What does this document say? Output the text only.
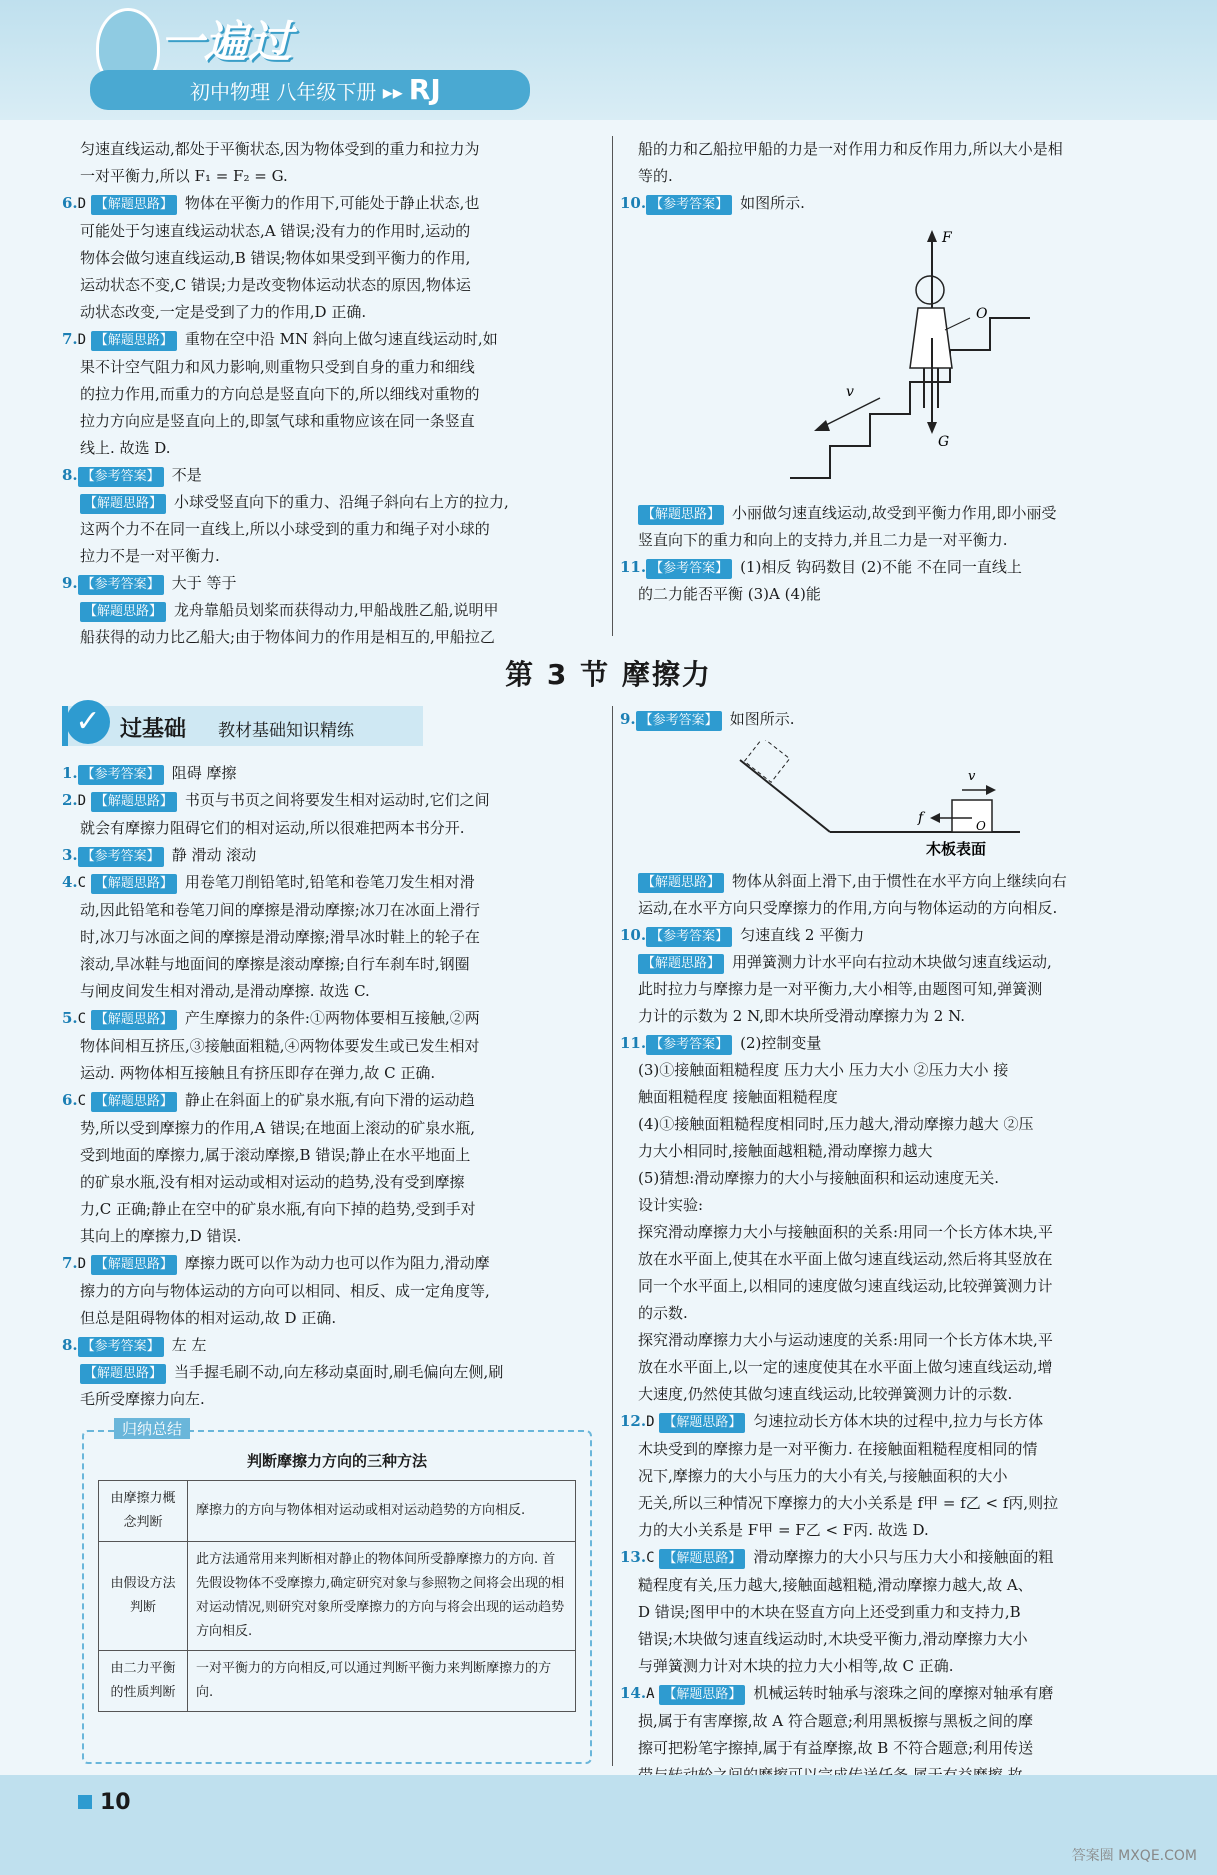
一遍过
初中物理 八年级下册 ▸▸ RJ

匀速直线运动,都处于平衡状态,因为物体受到的重力和拉力为

一对平衡力,所以 F₁ = F₂ = G.

6.D 【解题思路】 物体在平衡力的作用下,可能处于静止状态,也

可能处于匀速直线运动状态,A 错误;没有力的作用时,运动的

物体会做匀速直线运动,B 错误;物体如果受到平衡力的作用,

运动状态不变,C 错误;力是改变物体运动状态的原因,物体运

动状态改变,一定是受到了力的作用,D 正确.

7.D 【解题思路】 重物在空中沿 MN 斜向上做匀速直线运动时,如

果不计空气阻力和风力影响,则重物只受到自身的重力和细线

的拉力作用,而重力的方向总是竖直向下的,所以细线对重物的

拉力方向应是竖直向上的,即氢气球和重物应该在同一条竖直

线上. 故选 D.

8. 【参考答案】 不是

【解题思路】 小球受竖直向下的重力、沿绳子斜向右上方的拉力,

这两个力不在同一直线上,所以小球受到的重力和绳子对小球的

拉力不是一对平衡力.

9. 【参考答案】 大于 等于

【解题思路】 龙舟靠船员划桨而获得动力,甲船战胜乙船,说明甲

船获得的动力比乙船大;由于物体间力的作用是相互的,甲船拉乙

船的力和乙船拉甲船的力是一对作用力和反作用力,所以大小是相

等的.

10. 【参考答案】 如图所示.

F
O
v
G

【解题思路】 小丽做匀速直线运动,故受到平衡力作用,即小丽受

竖直向下的重力和向上的支持力,并且二力是一对平衡力.

11. 【参考答案】 (1)相反 钩码数目 (2)不能 不在同一直线上

的二力能否平衡 (3)A (4)能

第 3 节 摩擦力
✓ 过基础 教材基础知识精练

1. 【参考答案】 阻碍 摩擦

2.D 【解题思路】 书页与书页之间将要发生相对运动时,它们之间

就会有摩擦力阻碍它们的相对运动,所以很难把两本书分开.

3. 【参考答案】 静 滑动 滚动

4.C 【解题思路】 用卷笔刀削铅笔时,铅笔和卷笔刀发生相对滑

动,因此铅笔和卷笔刀间的摩擦是滑动摩擦;冰刀在冰面上滑行

时,冰刀与冰面之间的摩擦是滑动摩擦;滑旱冰时鞋上的轮子在

滚动,旱冰鞋与地面间的摩擦是滚动摩擦;自行车刹车时,钢圈

与闸皮间发生相对滑动,是滑动摩擦. 故选 C.

5.C 【解题思路】 产生摩擦力的条件:①两物体要相互接触,②两

物体间相互挤压,③接触面粗糙,④两物体要发生或已发生相对

运动. 两物体相互接触且有挤压即存在弹力,故 C 正确.

6.C 【解题思路】 静止在斜面上的矿泉水瓶,有向下滑的运动趋

势,所以受到摩擦力的作用,A 错误;在地面上滚动的矿泉水瓶,

受到地面的摩擦力,属于滚动摩擦,B 错误;静止在水平地面上

的矿泉水瓶,没有相对运动或相对运动的趋势,没有受到摩擦

力,C 正确;静止在空中的矿泉水瓶,有向下掉的趋势,受到手对

其向上的摩擦力,D 错误.

7.D 【解题思路】 摩擦力既可以作为动力也可以作为阻力,滑动摩

擦力的方向与物体运动的方向可以相同、相反、成一定角度等,

但总是阻碍物体的相对运动,故 D 正确.

8. 【参考答案】 左 左

【解题思路】 当手握毛刷不动,向左移动桌面时,刷毛偏向左侧,刷

毛所受摩擦力向左.

归纳总结
判断摩擦力方向的三种方法
由摩擦力概念判断	摩擦力的方向与物体相对运动或相对运动趋势的方向相反.
由假设方法判断	此方法通常用来判断相对静止的物体间所受静摩擦力的方向. 首先假设物体不受摩擦力,确定研究对象与参照物之间将会出现的相对运动情况,则研究对象所受摩擦力的方向与将会出现的运动趋势方向相反.
由二力平衡的性质判断	一对平衡力的方向相反,可以通过判断平衡力来判断摩擦力的方向.

9. 【参考答案】 如图所示.

v
f	O
木板表面

【解题思路】 物体从斜面上滑下,由于惯性在水平方向上继续向右

运动,在水平方向只受摩擦力的作用,方向与物体运动的方向相反.

10. 【参考答案】 匀速直线 2 平衡力

【解题思路】 用弹簧测力计水平向右拉动木块做匀速直线运动,

此时拉力与摩擦力是一对平衡力,大小相等,由题图可知,弹簧测

力计的示数为 2 N,即木块所受滑动摩擦力为 2 N.

11. 【参考答案】 (2)控制变量

(3)①接触面粗糙程度 压力大小 压力大小 ②压力大小 接

触面粗糙程度 接触面粗糙程度

(4)①接触面粗糙程度相同时,压力越大,滑动摩擦力越大 ②压

力大小相同时,接触面越粗糙,滑动摩擦力越大

(5)猜想:滑动摩擦力的大小与接触面积和运动速度无关.

设计实验:

探究滑动摩擦力大小与接触面积的关系:用同一个长方体木块,平

放在水平面上,使其在水平面上做匀速直线运动,然后将其竖放在

同一个水平面上,以相同的速度做匀速直线运动,比较弹簧测力计

的示数.

探究滑动摩擦力大小与运动速度的关系:用同一个长方体木块,平

放在水平面上,以一定的速度使其在水平面上做匀速直线运动,增

大速度,仍然使其做匀速直线运动,比较弹簧测力计的示数.

12.D 【解题思路】 匀速拉动长方体木块的过程中,拉力与长方体

木块受到的摩擦力是一对平衡力. 在接触面粗糙程度相同的情

况下,摩擦力的大小与压力的大小有关,与接触面积的大小

无关,所以三种情况下摩擦力的大小关系是 f甲 = f乙 < f丙,则拉

力的大小关系是 F甲 = F乙 < F丙. 故选 D.

13.C 【解题思路】 滑动摩擦力的大小只与压力大小和接触面的粗

糙程度有关,压力越大,接触面越粗糙,滑动摩擦力越大,故 A、

D 错误;图甲中的木块在竖直方向上还受到重力和支持力,B

错误;木块做匀速直线运动时,木块受平衡力,滑动摩擦力大小

与弹簧测力计对木块的拉力大小相等,故 C 正确.

14.A 【解题思路】 机械运转时轴承与滚珠之间的摩擦对轴承有磨

损,属于有害摩擦,故 A 符合题意;利用黑板擦与黑板之间的摩

擦可把粉笔字擦掉,属于有益摩擦,故 B 不符合题意;利用传送

10
答案圈 MXQE.COM
